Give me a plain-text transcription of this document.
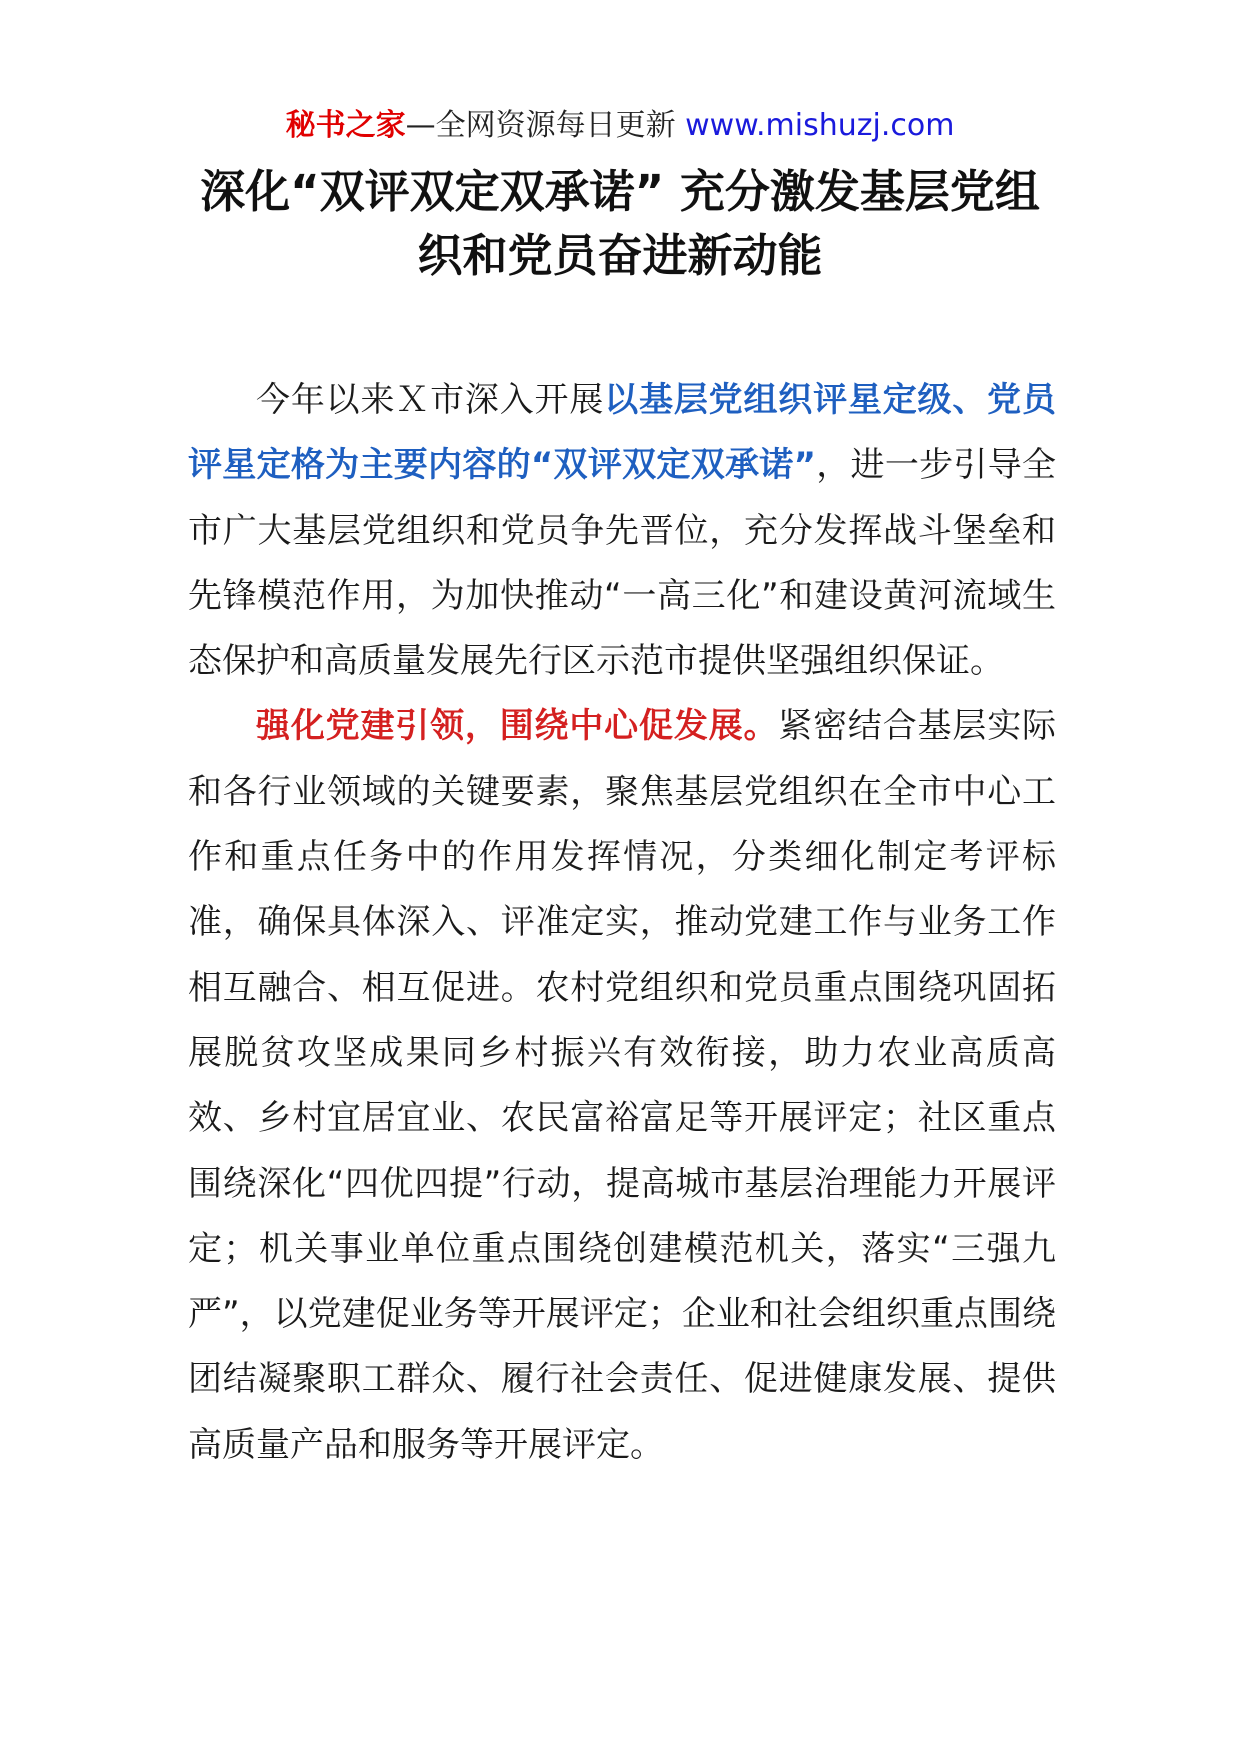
秘书之家—全网资源每日更新 www.mishuzj.com
深化“双评双定双承诺” 充分激发基层党组织和党员奋进新动能

今年以来Ｘ市深入开展以基层党组织评星定级、党员评星定格为主要内容的“双评双定双承诺”，进一步引导全市广大基层党组织和党员争先晋位，充分发挥战斗堡垒和先锋模范作用，为加快推动“一高三化”和建设黄河流域生态保护和高质量发展先行区示范市提供坚强组织保证。

强化党建引领，围绕中心促发展。紧密结合基层实际和各行业领域的关键要素，聚焦基层党组织在全市中心工作和重点任务中的作用发挥情况，分类细化制定考评标准，确保具体深入、评准定实，推动党建工作与业务工作相互融合、相互促进。农村党组织和党员重点围绕巩固拓展脱贫攻坚成果同乡村振兴有效衔接，助力农业高质高效、乡村宜居宜业、农民富裕富足等开展评定；社区重点围绕深化“四优四提”行动，提高城市基层治理能力开展评定；机关事业单位重点围绕创建模范机关，落实“三强九严”，以党建促业务等开展评定；企业和社会组织重点围绕团结凝聚职工群众、履行社会责任、促进健康发展、提供高质量产品和服务等开展评定。
